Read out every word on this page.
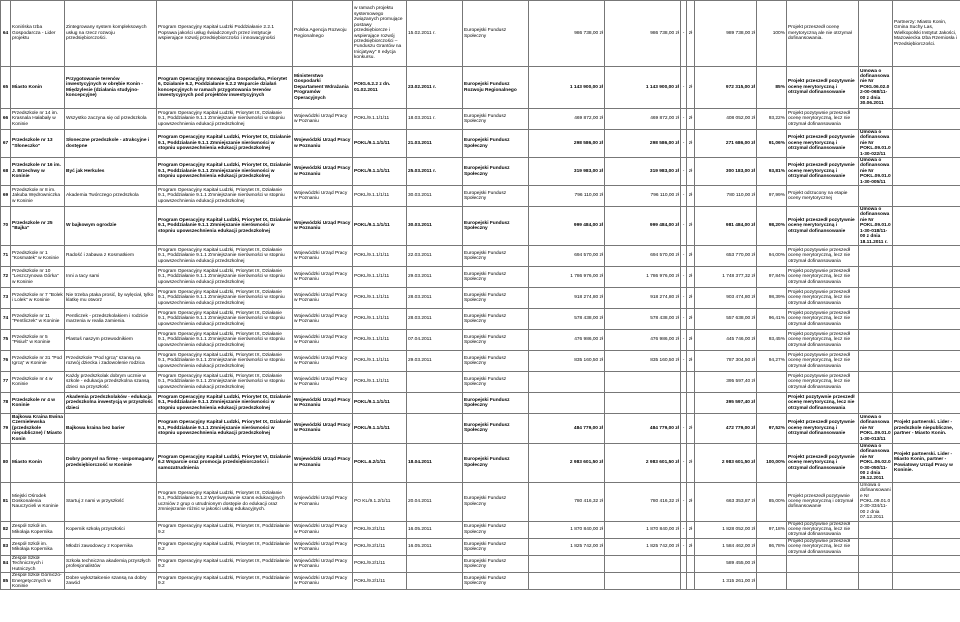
64	Konińska Izba Gospodarcza - Lider projektu	Zintegrowany system kompleksowych usług na rzecz rozwoju przedsiębiorczości.	Program Operacyjny Kapitał Ludzki Poddziałanie 2.2.1 Poprawa jakości usług świadczonych przez instytucje wspierające rozwój przedsiębiorczości i innowacyjności	Polska Agencja Rozwoju Regionalnego	w ramach projektu systemowego związanych promujące postawy przedsiębiorcze i wspierające rozwój przedsiębiorczości – Funduszu Grantów na Inicjatywy" II edycja konkursu.	15.02.2011 r.	Europejski Fundusz Społeczny	986 738,00 zł	986 738,00 zł	-	zł	989 738,00 zł	100%	Projekt przeszedł ocenę merytoryczną ale nie otrzymał dofinansowania.		Partnerzy: Miasto Konin, Gmina Suchy Las, Wielkopolski Instytut Jakości, Mazowiecka Izba Rzemiosła i Przedsiębiorczości.
65	Miasto Konin	Przygotowanie terenów inwestycyjnych w obrębie Konin - Międzylesie (działania studyjno-koncepcyjne)	Program Operacyjny Innowacyjna Gospodarka, Priorytet 6, Działanie 6.2, Poddziałanie 6.2.2 Wsparcie działań koncepcyjnych w ramach przygotowania terenów inwestycyjnych pod projektów inwestycyjnych	Ministerstwo Gospodarki Departament Wdrażania Programów Operacyjnych	POIG.6.2.2 z dn. 01.02.2011	23.02.2011 r.	Europejski Fundusz Rozwoju Regionalnego	1 143 900,00 zł	1 143 900,00 zł	-	zł	972 315,00 zł	85%	Projekt przeszedł pozytywnie ocenę merytoryczną i otrzymał dofinansowanie	Umowa o dofinansowanie Nr POIG.06.02.02-00-068/11-00 z dnia 30.06.2011	
66	Przedszkole nr 14 im. Krasnala Hałabały w Koninie	Wszystko zaczyna się od przedszkola	Program Operacyjny Kapitał Ludzki, Priorytet IX, Działanie 9.1, Poddziałanie 9.1.1 Zmniejszanie nierówności w stopniu upowszechnienia edukacji przedszkolnej	Wojewódzki Urząd Pracy w Poznaniu	POKL/9.1.1/1/11	18.03.2011 r.	Europejski Fundusz Społeczny	469 872,00 zł	469 872,00 zł	-	zł	408 052,00 zł	93,22%	Projekt pozytywnie przeszedł ocenę merytoryczną, lecz nie otrzymał dofinansowania		
67	Przedszkole nr 13 "Słoneczko"	Słoneczne przedszkole - atrakcyjne i dostępne	Program Operacyjny Kapitał Ludzki, Priorytet IX, Działanie 9.1, Poddziałanie 9.1.1 Zmniejszanie nierówności w stopniu upowszechnienia edukacji przedszkolnej	Wojewódzki Urząd Pracy w Poznaniu	POKL/9.1.1/1/11	21.03.2011	Europejski Fundusz Społeczny	298 586,00 zł	298 586,00 zł	-	zł	271 686,00 zł	91,06%	Projekt przeszedł pozytywnie ocenę merytoryczną i otrzymał dofinansowanie	Umowa o dofinansowanie Nr POKL.09.01.01-30-022/11	
68	Przedszkole nr 16 im. J. Brzechwy w Koninie	Być jak Herkules	Program Operacyjny Kapitał Ludzki, Priorytet IX, Działanie 9.1, Poddziałanie 9.1.1 Zmniejszanie nierówności w stopniu upowszechnienia edukacji przedszkolnej	Wojewódzki Urząd Pracy w Poznaniu	POKL/9.1.1/1/11	25.03.2011 r.	Europejski Fundusz Społeczny	319 983,00 zł	319 983,00 zł	-	zł	300 183,00 zł	93,81%	Projekt przeszedł pozytywnie ocenę merytoryczną i otrzymał dofinansowanie	Umowa o dofinansowanie Nr POKL.09.01.01-30-005/11	
69	Przedszkole nr 8 im. Jakuba Wędrowniczka w Koninie	Akademia Twórczego przedszkola	Program Operacyjny Kapitał Ludzki, Priorytet IX, Działanie 9.1, Poddziałanie 9.1.1 Zmniejszanie nierówności w stopniu upowszechnienia edukacji przedszkolnej	Wojewódzki Urząd Pracy w Poznaniu	POKL/9.1.1/1/11	30.03.2011	Europejski Fundusz Społeczny	796 110,00 zł	796 110,00 zł	-	zł	780 110,00 zł	97,99%	Projekt odrzucony na etapie oceny merytorycznej		
70	Przedszkole nr 25 "Bajka"	W bajkowym ogrodzie	Program Operacyjny Kapitał Ludzki, Priorytet IX, Działanie 9.1, Poddziałanie 9.1.1 Zmniejszanie nierówności w stopniu upowszechnienia edukacji przedszkolnej	Wojewódzki Urząd Pracy w Poznaniu	POKL/9.1.1/1/11	30.03.2011	Europejski Fundusz Społeczny	999 484,00 zł	999 484,00 zł	-	zł	981 484,00 zł	98,20%	Projekt przeszedł pozytywnie ocenę merytoryczną i otrzymał dofinansowanie	Umowa o dofinansowanie Nr POKL.09.01.01-30-018/11-00 z dnia 18.11.2011 r.	
71	Przedszkole nr 1 "Kosmatek" w Koninie	Radość i zabawa z Kosmatkiem	Program Operacyjny Kapitał Ludzki, Priorytet IX, Działanie 9.1, Poddziałanie 9.1.1 Zmniejszanie nierówności w stopniu upowszechnienia edukacji przedszkolnej	Wojewódzki Urząd Pracy w Poznaniu	POKL/9.1.1/1/11	22.03.2011	Europejski Fundusz Społeczny	694 570,00 zł	694 570,00 zł	-	zł	653 770,00 zł	94,00%	Projekt pozytywnie przeszedł ocenę merytoryczną, lecz nie otrzymał dofinansowania		
72	Przedszkole nr 10 "Leszczynowa Górka" w Koninie	Inni a tacy sami	Program Operacyjny Kapitał Ludzki, Priorytet IX, Działanie 9.1, Poddziałanie 9.1.1 Zmniejszanie nierówności w stopniu upowszechnienia edukacji przedszkolnej	Wojewódzki Urząd Pracy w Poznaniu	POKL/9.1.1/1/11	29.03.2011	Europejski Fundusz Społeczny	1 786 976,00 zł	1 786 976,00 zł	-	zł	1 748 377,32 zł	97,84%	Projekt pozytywnie przeszedł ocenę merytoryczną, lecz nie otrzymał dofinansowania		
73	Przedszkole nr 7 "Bolek i Lolek" w Koninie	Nie trzeba ptaka prosić, by wylęciał, tylko klatkę mu otworz	Program Operacyjny Kapitał Ludzki, Priorytet IX, Działanie 9.1, Poddziałanie 9.1.1 Zmniejszanie nierówności w stopniu upowszechnienia edukacji przedszkolnej	Wojewódzki Urząd Pracy w Poznaniu	POKL/9.1.1/1/11	28.03.2011	Europejski Fundusz Społeczny	918 274,80 zł	918 274,80 zł	-	zł	903 474,80 zł	98,39%	Projekt pozytywnie przeszedł ocenę merytoryczną, lecz nie otrzymał dofinansowania		
74	Przedszkole nr 11 "Pentliczek" w Koninie	Pentliczek - przedszkolakiem i rodzicie marzenia w realia zamienia.	Program Operacyjny Kapitał Ludzki, Priorytet IX, Działanie 9.1, Poddziałanie 9.1.1 Zmniejszanie nierówności w stopniu upowszechnienia edukacji przedszkolnej	Wojewódzki Urząd Pracy w Poznaniu	POKL/9.1.1/1/11	28.03.2011	Europejski Fundusz Społeczny	578 438,00 zł	578 438,00 zł	-	zł	557 638,00 zł	96,41%	Projekt pozytywnie przeszedł ocenę merytoryczną, lecz nie otrzymał dofinansowania		
75	Przedszkole nr 5 "Pisiuś" w Koninie	Plastuś naszym przewodnikiem	Program Operacyjny Kapitał Ludzki, Priorytet IX, Działanie 9.1, Poddziałanie 9.1.1 Zmniejszanie nierówności w stopniu upowszechnienia edukacji przedszkolnej	Wojewódzki Urząd Pracy w Poznaniu	POKL/9.1.1/1/11	07.04.2011	Europejski Fundusz Społeczny	476 986,00 zł	476 986,00 zł	-	zł	445 746,00 zł	93,45%	Projekt pozytywnie przeszedł ocenę merytoryczną, lecz nie otrzymał dofinansowania		
76	Przedszkole nr 31 "Pod Igrcą" w Koninie	Przedszkole "Pod Igrcą" szansą na rozwój dziecka i zadowolenie rodzica	Program Operacyjny Kapitał Ludzki, Priorytet IX, Działanie 9.1, Poddziałanie 9.1.1 Zmniejszanie nierówności w stopniu upowszechnienia edukacji przedszkolnej	Wojewódzki Urząd Pracy w Poznaniu	POKL/9.1.1/1/11	29.03.2011	Europejski Fundusz Społeczny	835 160,50 zł	835 160,50 zł	-	zł	787 304,50 zł	94,27%	Projekt pozytywnie przeszedł ocenę merytoryczną, lecz nie otrzymał dofinansowania		
77	Przedszkole nr 4 w Koninie	Każdy przedszkolak dobrym ucznie w szkole - edukacja przedszkolna szansą dzieci na przyszłość	Program Operacyjny Kapitał Ludzki, Priorytet IX, Działanie 9.1, Poddziałanie 9.1.1 Zmniejszanie nierówności w stopniu upowszechnienia edukacji przedszkolnej	Wojewódzki Urząd Pracy w Poznaniu	POKL/9.1.1/1/11		Europejski Fundusz Społeczny					395 597,40 zł		Projekt pozytywnie przeszedł ocenę merytoryczną, lecz nie otrzymał dofinansowania		
78	Przedszkole nr 4 w Koninie	Akademia przedszkolaków - edukacja przedszkolna inwestycją w przyszłość dzieci	Program Operacyjny Kapitał Ludzki, Priorytet IX, Działanie 9.1, Poddziałanie 9.1.1 Zmniejszanie nierówności w stopniu upowszechnienia edukacji przedszkolnej	Wojewódzki Urząd Pracy w Poznaniu	POKL/9.1.1/1/11		Europejski Fundusz Społeczny					395 597,40 zł		Projekt pozytywnie przeszedł ocenę merytoryczną, lecz nie otrzymał dofinansowania		
79	Bajkowa Kraina Ewina Czernielewska (przedszkole niepubliczne) / Miasto Konin	Bajkowa kraina bez barier	Program Operacyjny Kapitał Ludzki, Priorytet IX, Działanie 9.1, Poddziałanie 9.1.1 Zmniejszanie nierówności w stopniu upowszechnienia edukacji przedszkolnej	Wojewódzki Urząd Pracy w Poznaniu	POKL/9.1.1/1/11		Europejski Fundusz Społeczny	484 779,00 zł	484 779,00 zł	-	zł	472 779,00 zł	97,52%	Projekt przeszedł pozytywnie ocenę merytoryczną i otrzymał dofinansowanie	Umowa o dofinansowanie Nr POKL.09.01.01-30-013/11	Projekt partnerski. Lider - przedszkole niepubliczne, partner - Miasto Konin.
80	Miasto Konin	Dobry pomysł na firmę - wspomagamy przedsiębiorczość w Koninie	Program Operacyjny Kapitał Ludzki, Priorytet VI, Działanie 6.2 Wsparcie oraz promocja przedsiębiorczości i samozatrudnienia	Wojewódzki Urząd Pracy w Poznaniu	POKL.6.2/1/11	18.04.2011	Europejski Fundusz Społeczny	2 983 601,50 zł	2 983 601,50 zł	-	zł	2 983 601,50 zł	100,00%	Projekt przeszedł pozytywnie ocenę merytoryczną i otrzymał dofinansowanie	Umowa o dofinansowanie Nr POKL.06.02.00-30-050/11-00 z dnia 29.12.2011	Projekt partnerski. Lider - Miasto Konin, partner - Powiatowy Urząd Pracy w Koninie.
81	Miejski Ośrodek Doskonalenia Nauczycieli w Koninie	Startuj z nami w przyszłość	Program Operacyjny Kapitał Ludzki, Priorytet IX, Działanie 9.1, Poddziałanie 9.1.2 Wyrównywanie szans edukacyjnych uczniów z grup o utrudnionym dostępie do edukacji oraz zmniejszanie różnic w jakości usług edukacyjnych.	Wojewódzki Urząd Pracy w Poznaniu	PO KL/9.1.2/1/11	20.04.2011	Europejski Fundusz Społeczny	780 416,32 zł	780 416,32 zł	-	zł	663 353,87 zł	85,00%	Projekt przeszedł pozytywnie ocenę merytoryczną i otrzymał dofinansowanie	Umowa o dofinansowanie Nr POKL.09.01.02-30-334/11-00 z dnia 07.12.2011	
82	Zespół Szkół im. Mikołaja Kopernika	Kopernik szkołą przyszłości	Program Operacyjny Kapitał Ludzki, Priorytet IX, Poddziałanie 9.2	Wojewódzki Urząd Pracy w Poznaniu	POKL/9.2/1/11	16.05.2011	Europejski Fundusz Społeczny	1 870 840,00 zł	1 870 840,00 zł	-	zł	1 828 052,00 zł	97,18%	Projekt pozytywnie przeszedł ocenę merytoryczną, lecz nie otrzymał dofinansowania		
83	Zespół Szkół im. Mikołaja Kopernika	Młodzi zawodowcy z Kopernika	Program Operacyjny Kapitał Ludzki, Priorytet IX, Poddziałanie 9.2	Wojewódzki Urząd Pracy w Poznaniu	POKL/9.2/1/11	16.05.2011	Europejski Fundusz Społeczny	1 825 742,00 zł	1 825 742,00 zł	-	zł	1 584 462,00 zł	86,78%	Projekt pozytywnie przeszedł ocenę merytoryczną, lecz nie otrzymał dofinansowania		
84	Zespół Szkół Technicznych i Hutniczych	Szkoła techniczna akademią przyszłych profesjonalistów	Program Operacyjny Kapitał Ludzki, Priorytet IX, Poddziałanie 9.2	Wojewódzki Urząd Pracy w Poznaniu	POKL/9.2/1/11		Europejski Fundusz Społeczny					589 455,00 zł				
85	Zespół Szkół Górniczo-Energetycznych w Koninie	Dobre wykształcenie szansą na dobry zawód	Program Operacyjny Kapitał Ludzki, Priorytet IX, Poddziałanie 9.2	Wojewódzki Urząd Pracy w Poznaniu	POKL/9.2/1/11		Europejski Fundusz Społeczny					1 315 261,00 zł				
